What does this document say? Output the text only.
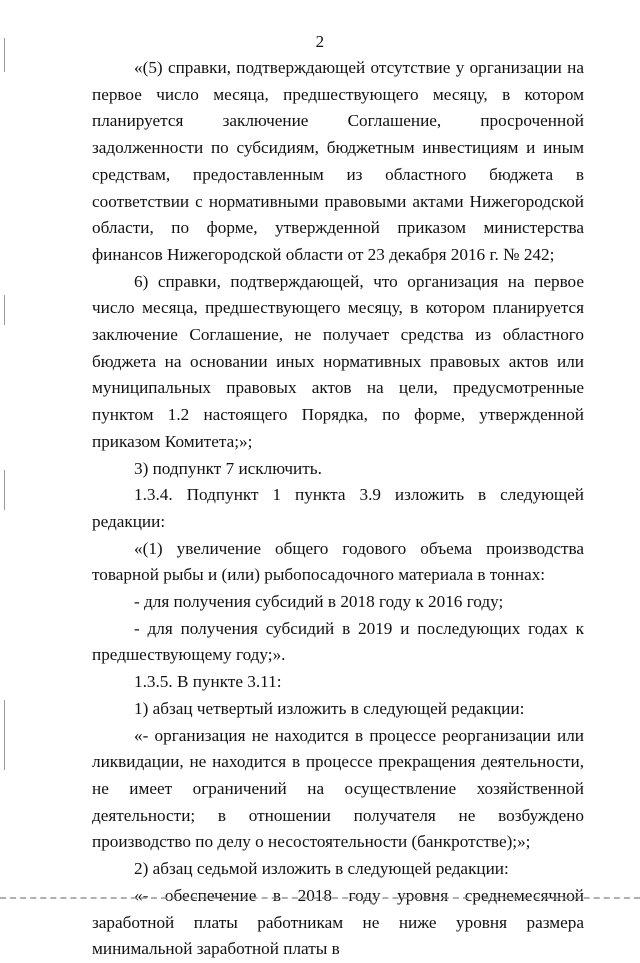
2

«(5) справки, подтверждающей отсутствие у организации на первое число месяца, предшествующего месяцу, в котором планируется заключение Соглашение, просроченной задолженности по субсидиям, бюджетным инвестициям и иным средствам, предоставленным из областного бюджета в соответствии с нормативными правовыми актами Нижегородской области, по форме, утвержденной приказом министерства финансов Нижегородской области от 23 декабря 2016 г. № 242;

6) справки, подтверждающей, что организация на первое число месяца, предшествующего месяцу, в котором планируется заключение Соглашение, не получает средства из областного бюджета на основании иных нормативных правовых актов или муниципальных правовых актов на цели, предусмотренные пунктом 1.2 настоящего Порядка, по форме, утвержденной приказом Комитета;»;

3) подпункт 7 исключить.

1.3.4. Подпункт 1 пункта 3.9 изложить в следующей редакции:

«(1) увеличение общего годового объема производства товарной рыбы и (или) рыбопосадочного материала в тоннах:

- для получения субсидий в 2018 году к 2016 году;

- для получения субсидий в 2019 и последующих годах к предшествующему году;».

1.3.5. В пункте 3.11:

1) абзац четвертый изложить в следующей редакции:

«- организация не находится в процессе реорганизации или ликвидации, не находится в процессе прекращения деятельности, не имеет ограничений на осуществление хозяйственной деятельности; в отношении получателя не возбуждено производство по делу о несостоятельности (банкротстве);»;

2) абзац седьмой изложить в следующей редакции:

«- обеспечение в 2018 году уровня среднемесячной заработной платы работникам не ниже уровня размера минимальной заработной платы в
